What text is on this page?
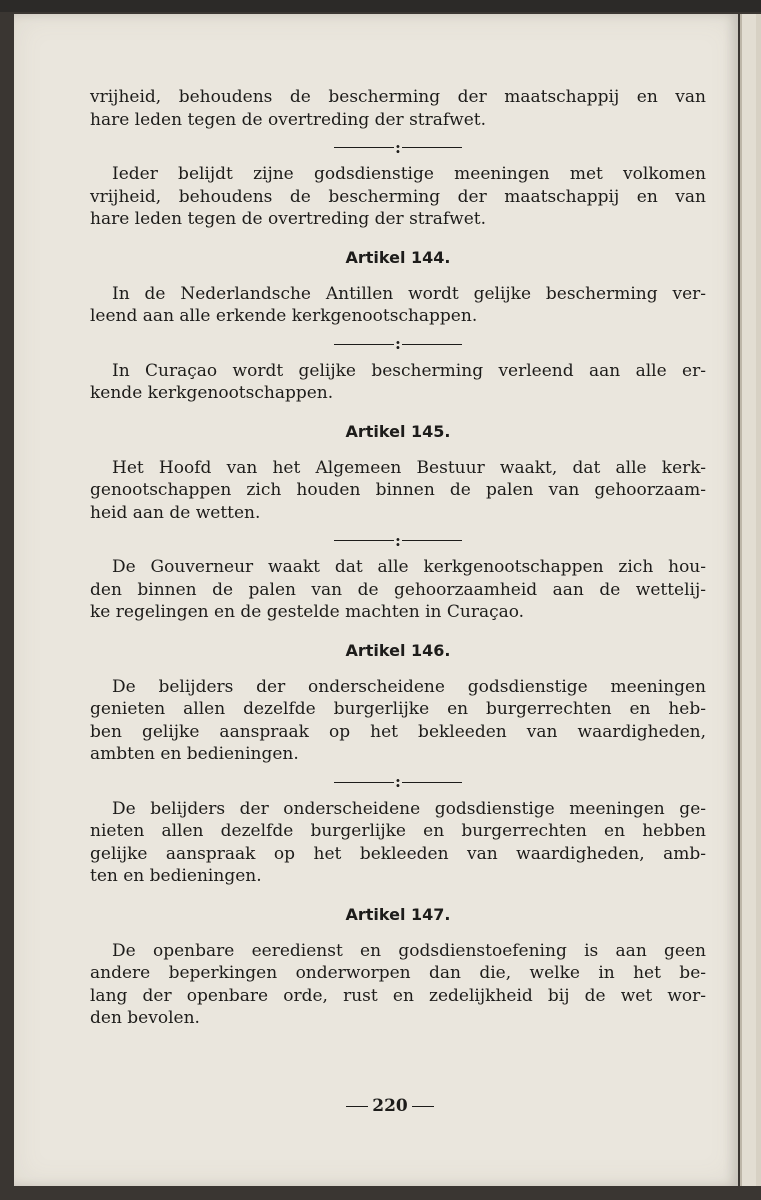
vrijheid, behoudens de bescherming der maatschappij en van

hare leden tegen de overtreding der strafwet.

:

Ieder belijdt zijne godsdienstige meeningen met volkomen

vrijheid, behoudens de bescherming der maatschappij en van

hare leden tegen de overtreding der strafwet.

Artikel 144.

In de Nederlandsche Antillen wordt gelijke bescherming ver-

leend aan alle erkende kerkgenootschappen.

:

In Curaçao wordt gelijke bescherming verleend aan alle er-

kende kerkgenootschappen.

Artikel 145.

Het Hoofd van het Algemeen Bestuur waakt, dat alle kerk-

genootschappen zich houden binnen de palen van gehoorzaam-

heid aan de wetten.

:

De Gouverneur waakt dat alle kerkgenootschappen zich hou-

den binnen de palen van de gehoorzaamheid aan de wettelij-

ke regelingen en de gestelde machten in Curaçao.

Artikel 146.

De belijders der onderscheidene godsdienstige meeningen

genieten allen dezelfde burgerlijke en burgerrechten en heb-

ben gelijke aanspraak op het bekleeden van waardigheden,

ambten en bedieningen.

:

De belijders der onderscheidene godsdienstige meeningen ge-

nieten allen dezelfde burgerlijke en burgerrechten en hebben

gelijke aanspraak op het bekleeden van waardigheden, amb-

ten en bedieningen.

Artikel 147.

De openbare eeredienst en godsdienstoefening is aan geen

andere beperkingen onderworpen dan die, welke in het be-

lang der openbare orde, rust en zedelijkheid bij de wet wor-

den bevolen.

220
